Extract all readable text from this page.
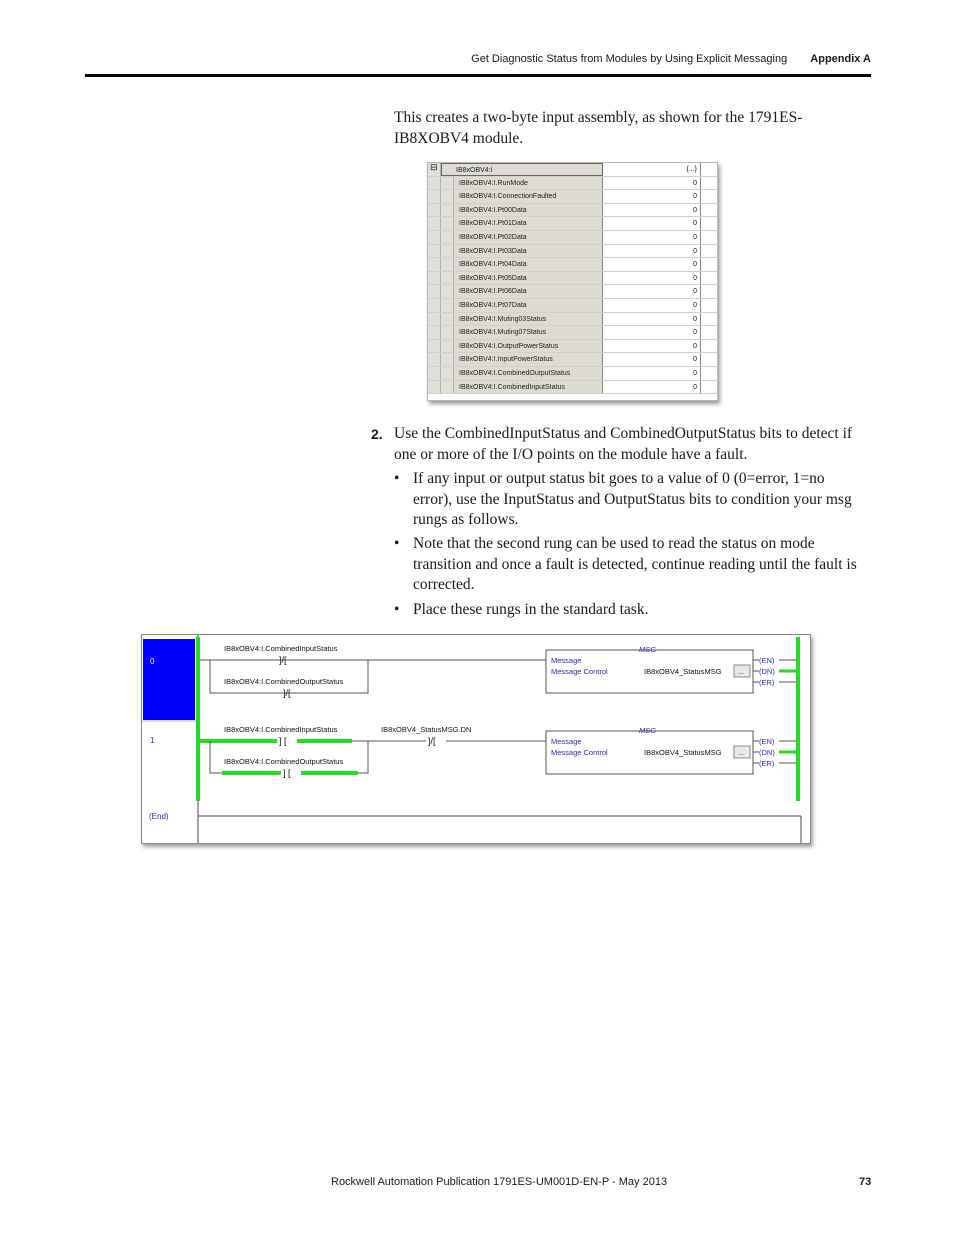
Get Diagnostic Status from Modules by Using Explicit Messaging Appendix A
This creates a two-byte input assembly, as shown for the 1791ES-IB8XOBV4 module.
⊟	IB8xOBV4:I	{...}
IB8xOBV4:I.RunMode	0
IB8xOBV4:I.ConnectionFaulted	0
IB8xOBV4:I.Pt00Data	0
IB8xOBV4:I.Pt01Data	0
IB8xOBV4:I.Pt02Data	0
IB8xOBV4:I.Pt03Data	0
IB8xOBV4:I.Pt04Data	0
IB8xOBV4:I.Pt05Data	0
IB8xOBV4:I.Pt06Data	0
IB8xOBV4:I.Pt07Data	0
IB8xOBV4:I.Muting03Status	0
IB8xOBV4:I.Muting07Status	0
IB8xOBV4:I.OutputPowerStatus	0
IB8xOBV4:I.InputPowerStatus	0
IB8xOBV4:I.CombinedOutputStatus	0
IB8xOBV4:I.CombinedInputStatus	0
2. Use the CombinedInputStatus and CombinedOutputStatus bits to detect if one or more of the I/O points on the module have a fault.
• If any input or output status bit goes to a value of 0 (0=error, 1=no error), use the InputStatus and OutputStatus bits to condition your msg rungs as follows.
• Note that the second rung can be used to read the status on mode transition and once a fault is detected, continue reading until the fault is corrected.
• Place these rungs in the standard task.
0
1
(End)
IB8xOBV4:I.CombinedInputStatus
]/[
IB8xOBV4:I.CombinedOutputStatus
]/[
MSG
Message
Message Control	IB8xOBV4_StatusMSG ...
(EN)
(DN)
(ER)
IB8xOBV4:I.CombinedInputStatus
] [
IB8xOBV4:I.CombinedOutputStatus
] [
IB8xOBV4_StatusMSG.DN
]/[
MSG
Message
Message Control	IB8xOBV4_StatusMSG ...
(EN)
(DN)
(ER)
Rockwell Automation Publication 1791ES-UM001D-EN-P - May 2013	73
